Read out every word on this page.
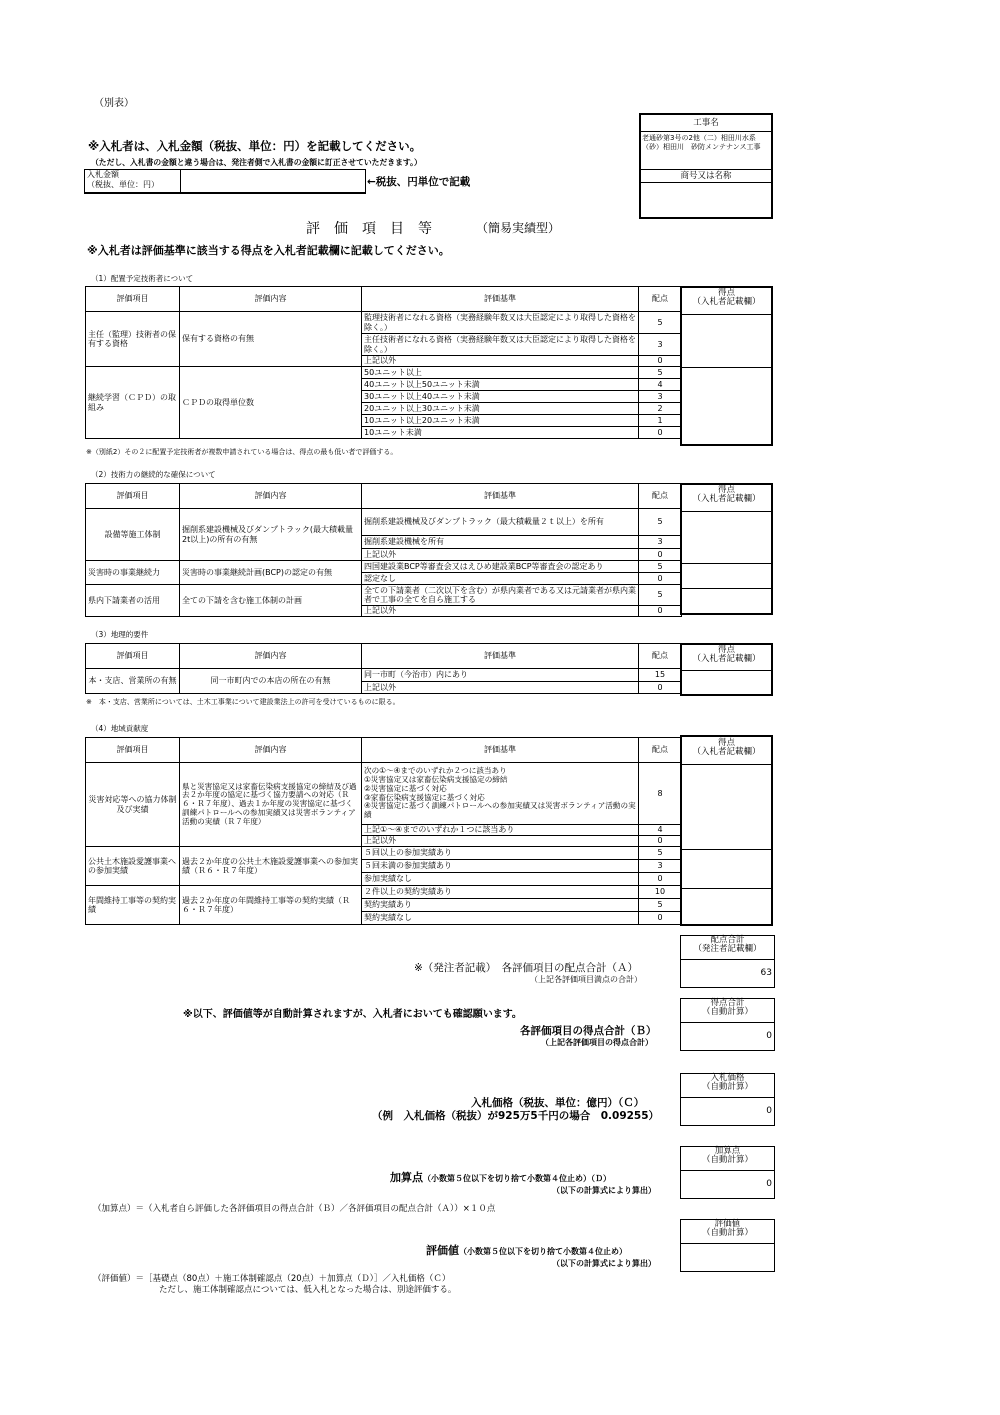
（別表）
※入札者は、入札金額（税抜、単位：円）を記載してください。
（ただし、入札書の金額と違う場合は、発注者側で入札書の金額に訂正させていただきます。）
入札金額
（税抜、単位：円）	←税抜、円単位で記載
工事名
老通砂第3号の2他（二）相田川水系（砂）相田川　砂防メンテナンス工事
商号又は名称
評　価　項　目　等	（簡易実績型）
※入札者は評価基準に該当する得点を入札者記載欄に記載してください。
（1）配置予定技術者について
評価項目	評価内容	評価基準	配点
主任（監理）技術者の保有する資格	保有する資格の有無	監理技術者になれる資格（実務経験年数又は大臣認定により取得した資格を除く。）	5
		主任技術者になれる資格（実務経験年数又は大臣認定により取得した資格を除く。）	3
		上記以外	0
継続学習（ＣＰＤ）の取組み	ＣＰＤの取得単位数	50ユニット以上	5
		40ユニット以上50ユニット未満	4
		30ユニット以上40ユニット未満	3
		20ユニット以上30ユニット未満	2
		10ユニット以上20ユニット未満	1
		10ユニット未満	0
得点
（入札者記載欄）
※（別紙2）その２に配置予定技術者が複数申請されている場合は、得点の最も低い者で評価する。
（2）技術力の継続的な確保について
評価項目	評価内容	評価基準	配点
設備等施工体制	掘削系建設機械及びダンプトラック(最大積載量2t以上)の所有の有無	掘削系建設機械及びダンプトラック（最大積載量２ｔ以上）を所有	5
		掘削系建設機械を所有	3
		上記以外	0
災害時の事業継続力	災害時の事業継続計画(BCP)の認定の有無	四国建設業BCP等審査会又はえひめ建設業BCP等審査会の認定あり	5
		認定なし	0
県内下請業者の活用	全ての下請を含む施工体制の計画	全ての下請業者（二次以下を含む）が県内業者である又は元請業者が県内業者で工事の全てを自ら施工する	5
		上記以外	0
得点
（入札者記載欄）
（3）地理的要件
評価項目	評価内容	評価基準	配点
本・支店、営業所の有無	同一市町内での本店の所在の有無	同一市町（今治市）内にあり	15
		上記以外	0
得点
（入札者記載欄）
※　本・支店、営業所については、土木工事業について建設業法上の許可を受けているものに限る。
（4）地域貢献度
評価項目	評価内容	評価基準	配点
災害対応等への協力体制及び実績	県と災害協定又は家畜伝染病支援協定の締結及び過去２か年度の協定に基づく協力要請への対応（Ｒ６・Ｒ７年度）、過去１か年度の災害協定に基づく訓練パトロールへの参加実績又は災害ボランティア活動の実績（Ｒ７年度）	次の①～④までのいずれか２つに該当あり
①災害協定又は家畜伝染病支援協定の締結
②災害協定に基づく対応
③家畜伝染病支援協定に基づく対応
④災害協定に基づく訓練パトロールへの参加実績又は災害ボランティア活動の実績	8
		上記①～④までのいずれか１つに該当あり	4
		上記以外	0
公共土木施設愛護事業への参加実績	過去２か年度の公共土木施設愛護事業への参加実績（Ｒ６・Ｒ７年度）	５回以上の参加実績あり	5
		５回未満の参加実績あり	3
		参加実績なし	0
年間維持工事等の契約実績	過去２か年度の年間維持工事等の契約実績（Ｒ６・Ｒ７年度）	２件以上の契約実績あり	10
		契約実績あり	5
		契約実績なし	0
得点
（入札者記載欄）
配点合計
（発注者記載欄）
63
※（発注者記載）　各評価項目の配点合計（Ａ）
（上記各評価項目満点の合計）
※以下、評価値等が自動計算されますが、入札者においても確認願います。
得点合計
（自動計算）
0
各評価項目の得点合計（Ｂ）
（上記各評価項目の得点合計）
入札価格
（自動計算）
0
入札価格（税抜、単位：億円）（Ｃ）
（例　入札価格（税抜）が925万5千円の場合　0.09255）
加算点
（自動計算）
0
加算点（小数第５位以下を切り捨て小数第４位止め）（Ｄ）
（以下の計算式により算出）
（加算点）＝（入札者自ら評価した各評価項目の得点合計（Ｂ）／各評価項目の配点合計（Ａ））×１０点
評価値
（自動計算）
評価値（小数第５位以下を切り捨て小数第４位止め）
（以下の計算式により算出）
（評価値）＝［基礎点（80点）＋施工体制確認点（20点）＋加算点（Ｄ）］／入札価格（Ｃ）
ただし、施工体制確認点については、低入札となった場合は、別途評価する。
